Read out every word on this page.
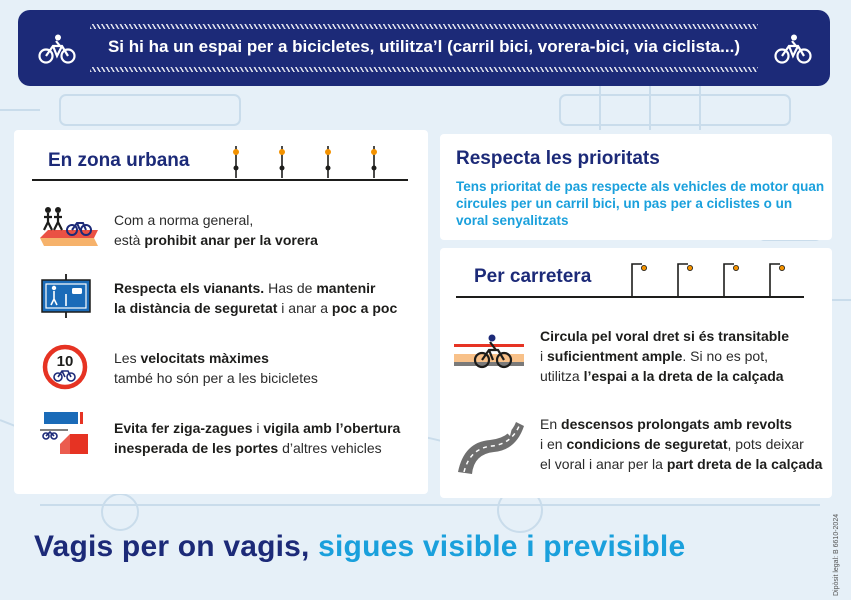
Si hi ha un espai per a bicicletes, utilitza’l (carril bici, vorera-bici, via ciclista...)
En zona urbana
Com a norma general,
està prohibit anar per la vorera
Respecta els vianants. Has de mantenir
la distància de seguretat i anar a poc a poc
10	Les velocitats màximes
també ho són per a les bicicletes
Evita fer ziga-zagues i vigila amb l’obertura
inesperada de les portes d’altres vehicles
Respecta les prioritats
Tens prioritat de pas respecte als vehicles de motor quan circules per un carril bici, un pas per a ciclistes o un voral senyalitzats
Per carretera
Circula pel voral dret si és transitable
i suficientment ample. Si no es pot,
utilitza l’espai a la dreta de la calçada
En descensos prolongats amb revolts
i en condicions de seguretat, pots deixar
el voral i anar per la part dreta de la calçada
Vagis per on vagis, sigues visible i previsible	Dipòsit legal: B 6610-2024
